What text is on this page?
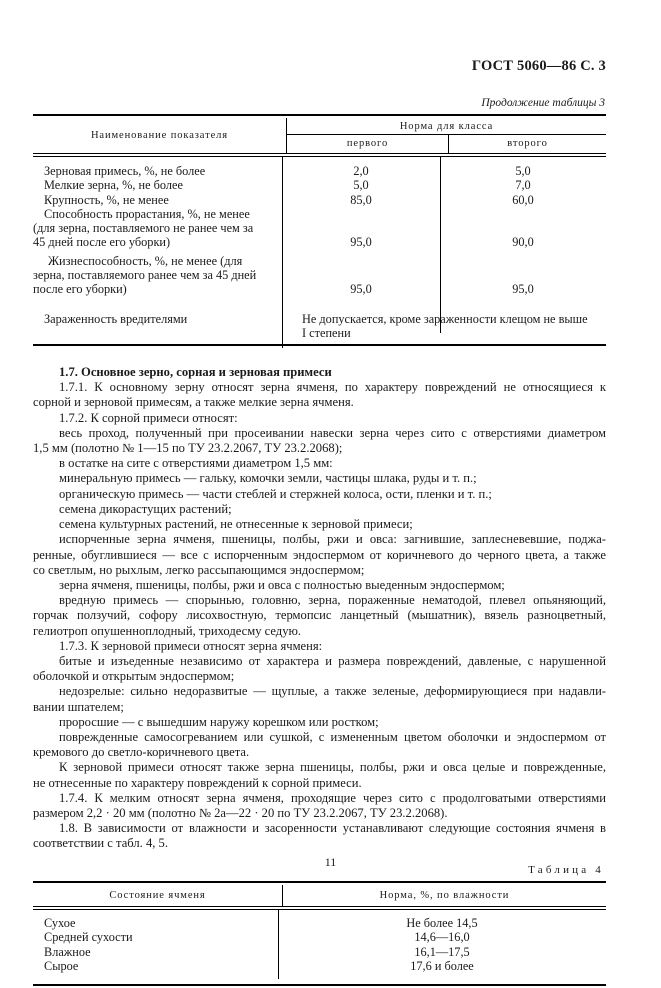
ГОСТ 5060—86 С. 3
Продолжение таблицы 3

Наименование показателя	Норма для класса	
	первого	второго

Зерновая примесь, %, не более	2,0	5,0
Мелкие зерна, %, не более	5,0	7,0
Крупность, %, не менее	85,0	60,0
Способность прорастания, %, не менее
(для зерна, поставляемого не ранее чем за
45 дней после его уборки)	95,0	90,0
Жизнеспособность, %, не менее (для
зерна, поставляемого ранее чем за 45 дней
после его уборки)	95,0	95,0
Зараженность вредителями	Не допускается, кроме зараженности клещом не выше
I степени
1.7. Основное зерно, сорная и зерновая примеси

1.7.1. К основному зерну относят зерна ячменя, по характеру повреждений не относящиеся к

сорной и зерновой примесям, а также мелкие зерна ячменя.

1.7.2. К сорной примеси относят:

весь проход, полученный при просеивании навески зерна через сито с отверстиями диаметром

1,5 мм (полотно № 1—15 по ТУ 23.2.2067, ТУ 23.2.2068);

в остатке на сите с отверстиями диаметром 1,5 мм:

минеральную примесь — гальку, комочки земли, частицы шлака, руды и т. п.;

органическую примесь — части стеблей и стержней колоса, ости, пленки и т. п.;

семена дикорастущих растений;

семена культурных растений, не отнесенные к зерновой примеси;

испорченные зерна ячменя, пшеницы, полбы, ржи и овса: загнившие, заплесневевшие, поджа-

ренные, обуглившиеся — все с испорченным эндоспермом от коричневого до черного цвета, а также

со светлым, но рыхлым, легко рассыпающимся эндоспермом;

зерна ячменя, пшеницы, полбы, ржи и овса с полностью выеденным эндоспермом;

вредную примесь — спорынью, головню, зерна, пораженные нематодой, плевел опьяняющий,

горчак ползучий, софору лисохвостную, термопсис ланцетный (мышатник), вязель разноцветный,

гелиотроп опушенноплодный, триходесму седую.

1.7.3. К зерновой примеси относят зерна ячменя:

битые и изъеденные независимо от характера и размера повреждений, давленые, с нарушенной

оболочкой и открытым эндоспермом;

недозрелые: сильно недоразвитые — щуплые, а также зеленые, деформирующиеся при надавли-

вании шпателем;

проросшие — с вышедшим наружу корешком или ростком;

поврежденные самосогреванием или сушкой, с измененным цветом оболочки и эндоспермом от

кремового до светло-коричневого цвета.

К зерновой примеси относят также зерна пшеницы, полбы, ржи и овса целые и поврежденные,

не отнесенные по характеру повреждений к сорной примеси.

1.7.4. К мелким относят зерна ячменя, проходящие через сито с продолговатыми отверстиями

размером 2,2 · 20 мм (полотно № 2а—22 · 20 по ТУ 23.2.2067, ТУ 23.2.2068).

1.8. В зависимости от влажности и засоренности устанавливают следующие состояния ячменя в

соответствии с табл. 4, 5.

Таблица 4

Состояние ячменя	Норма, %, по влажности

Сухое	Не более 14,5
Средней сухости	14,6—16,0
Влажное	16,1—17,5
Сырое	17,6 и более
11
